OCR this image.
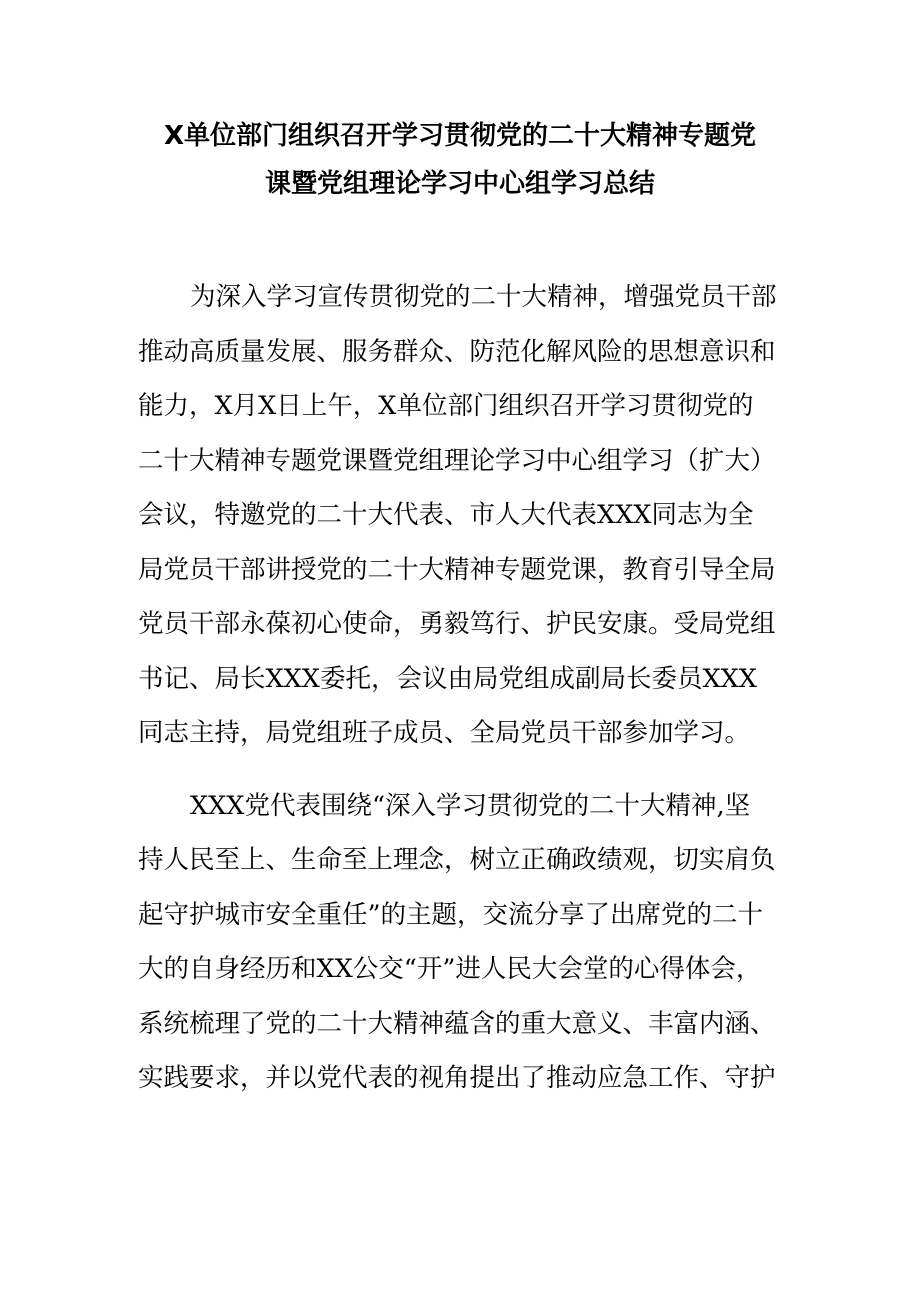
X单位部门组织召开学习贯彻党的二十大精神专题党
课暨党组理论学习中心组学习总结
为深入学习宣传贯彻党的二十大精神，增强党员干部
推动高质量发展、服务群众、防范化解风险的思想意识和
能力，X月X日上午，X单位部门组织召开学习贯彻党的
二十大精神专题党课暨党组理论学习中心组学习（扩大）
会议，特邀党的二十大代表、市人大代表XXX同志为全
局党员干部讲授党的二十大精神专题党课，教育引导全局
党员干部永葆初心使命，勇毅笃行、护民安康。受局党组
书记、局长XXX委托，会议由局党组成副局长委员XXX
同志主持，局党组班子成员、全局党员干部参加学习。
XXX党代表围绕“深入学习贯彻党的二十大精神,坚
持人民至上、生命至上理念，树立正确政绩观，切实肩负
起守护城市安全重任”的主题，交流分享了出席党的二十
大的自身经历和XX公交“开”进人民大会堂的心得体会，
系统梳理了党的二十大精神蕴含的重大意义、丰富内涵、
实践要求，并以党代表的视角提出了推动应急工作、守护
